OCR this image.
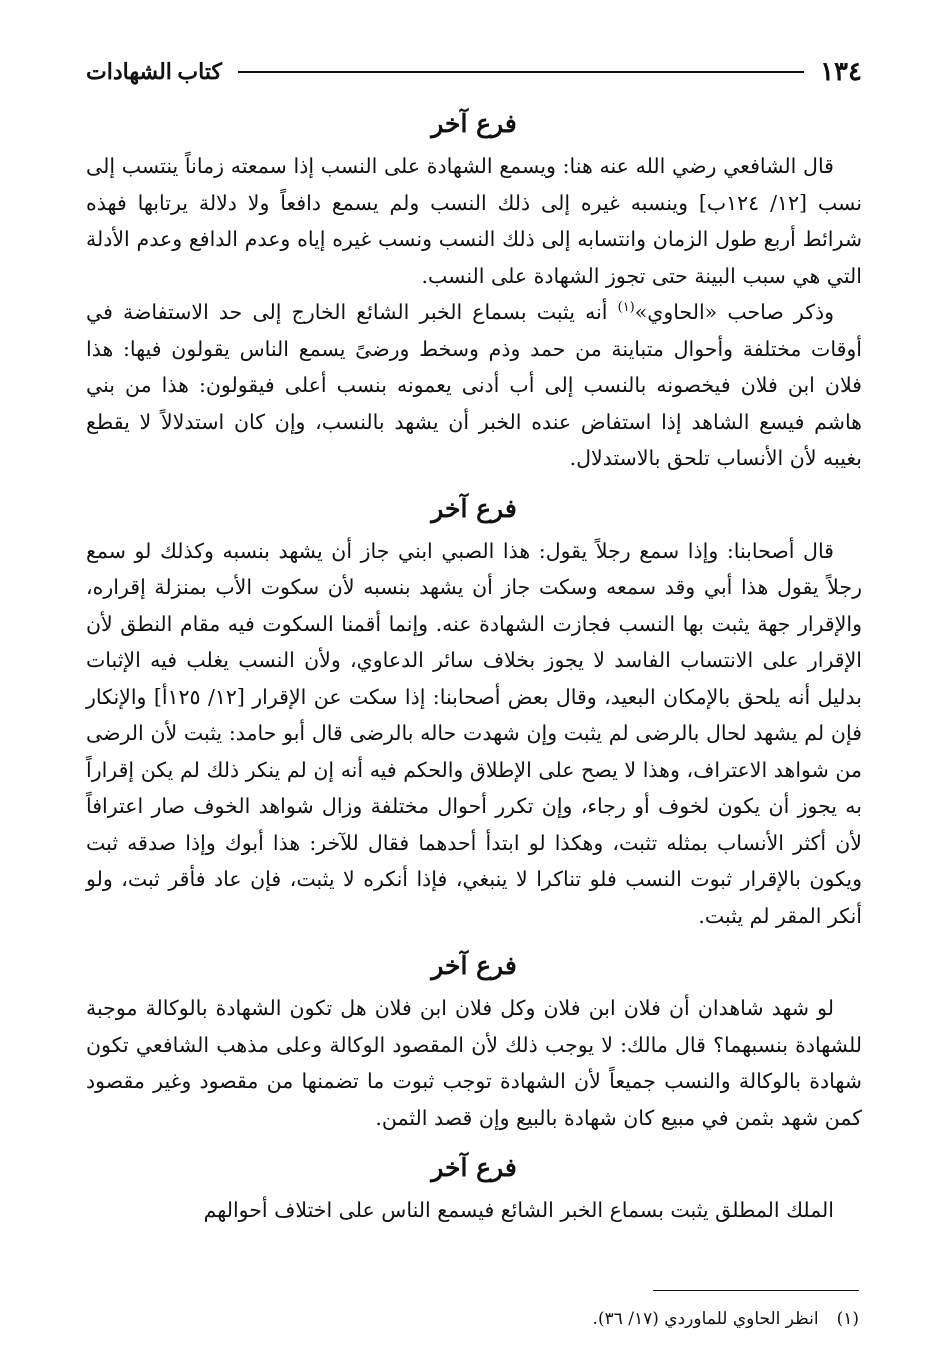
١٣٤
كتاب الشهادات
فرع آخر

قال الشافعي رضي الله عنه هنا: ويسمع الشهادة على النسب إذا سمعته زماناً ينتسب إلى نسب [١٢/ ١٢٤ب] وينسبه غيره إلى ذلك النسب ولم يسمع دافعاً ولا دلالة يرتابها فهذه شرائط أربع طول الزمان وانتسابه إلى ذلك النسب ونسب غيره إياه وعدم الدافع وعدم الأدلة التي هي سبب البينة حتى تجوز الشهادة على النسب.

وذكر صاحب «الحاوي»$^{(١)}$ أنه يثبت بسماع الخبر الشائع الخارج إلى حد الاستفاضة في أوقات مختلفة وأحوال متباينة من حمد وذم وسخط ورضىً يسمع الناس يقولون فيها: هذا فلان ابن فلان فيخصونه بالنسب إلى أب أدنى يعمونه بنسب أعلى فيقولون: هذا من بني هاشم فيسع الشاهد إذا استفاض عنده الخبر أن يشهد بالنسب، وإن كان استدلالاً لا يقطع بغيبه لأن الأنساب تلحق بالاستدلال.

فرع آخر

قال أصحابنا: وإذا سمع رجلاً يقول: هذا الصبي ابني جاز أن يشهد بنسبه وكذلك لو سمع رجلاً يقول هذا أبي وقد سمعه وسكت جاز أن يشهد بنسبه لأن سكوت الأب بمنزلة إقراره، والإقرار جهة يثبت بها النسب فجازت الشهادة عنه. وإنما أقمنا السكوت فيه مقام النطق لأن الإقرار على الانتساب الفاسد لا يجوز بخلاف سائر الدعاوي، ولأن النسب يغلب فيه الإثبات بدليل أنه يلحق بالإمكان البعيد، وقال بعض أصحابنا: إذا سكت عن الإقرار [١٢/ ١٢٥أ] والإنكار فإن لم يشهد لحال بالرضى لم يثبت وإن شهدت حاله بالرضى قال أبو حامد: يثبت لأن الرضى من شواهد الاعتراف، وهذا لا يصح على الإطلاق والحكم فيه أنه إن لم ينكر ذلك لم يكن إقراراً به يجوز أن يكون لخوف أو رجاء، وإن تكرر أحوال مختلفة وزال شواهد الخوف صار اعترافاً لأن أكثر الأنساب بمثله تثبت، وهكذا لو ابتدأ أحدهما فقال للآخر: هذا أبوك وإذا صدقه ثبت ويكون بالإقرار ثبوت النسب فلو تناكرا لا ينبغي، فإذا أنكره لا يثبت، فإن عاد فأقر ثبت، ولو أنكر المقر لم يثبت.

فرع آخر

لو شهد شاهدان أن فلان ابن فلان وكل فلان ابن فلان هل تكون الشهادة بالوكالة موجبة للشهادة بنسبهما؟ قال مالك: لا يوجب ذلك لأن المقصود الوكالة وعلى مذهب الشافعي تكون شهادة بالوكالة والنسب جميعاً لأن الشهادة توجب ثبوت ما تضمنها من مقصود وغير مقصود كمن شهد بثمن في مبيع كان شهادة بالبيع وإن قصد الثمن.

فرع آخر

الملك المطلق يثبت بسماع الخبر الشائع فيسمع الناس على اختلاف أحوالهم

(١)انظر الحاوي للماوردي (١٧/ ٣٦).
